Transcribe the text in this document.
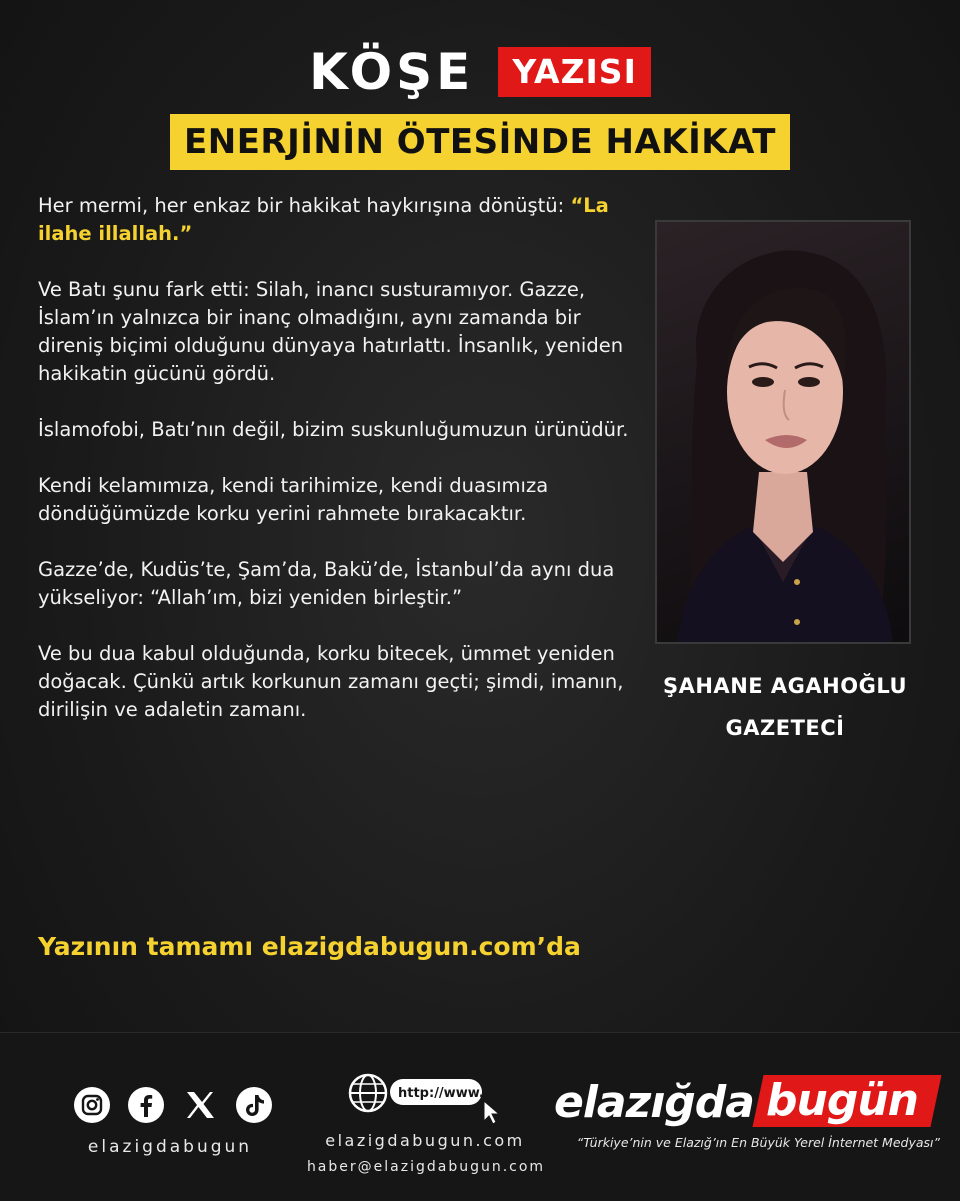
KÖŞE	YAZISI
ENERJİNİN ÖTESİNDE HAKİKAT

Her mermi, her enkaz bir hakikat haykırışına dönüştü: “La ilahe illallah.”

Ve Batı şunu fark etti: Silah, inancı susturamıyor. Gazze, İslam’ın yalnızca bir inanç olmadığını, aynı zamanda bir direniş biçimi olduğunu dünyaya hatırlattı. İnsanlık, yeniden hakikatin gücünü gördü.

İslamofobi, Batı’nın değil, bizim suskunluğumuzun ürünüdür.

Kendi kelamımıza, kendi tarihimize, kendi duasımıza döndüğümüzde korku yerini rahmete bırakacaktır.

Gazze’de, Kudüs’te, Şam’da, Bakü’de, İstanbul’da aynı dua yükseliyor: “Allah’ım, bizi yeniden birleştir.”

Ve bu dua kabul olduğunda, korku bitecek, ümmet yeniden doğacak. Çünkü artık korkunun zamanı geçti; şimdi, imanın, dirilişin ve adaletin zamanı.

Yazının tamamı elazigdabugun.com’da
ŞAHANE AGAHOĞLU
GAZETECİ
elazigdabugun
http://www.
elazigdabugun.com
haber@elazigdabugun.com
elazığda bugün
“Türkiye’nin ve Elazığ’ın En Büyük Yerel İnternet Medyası”
